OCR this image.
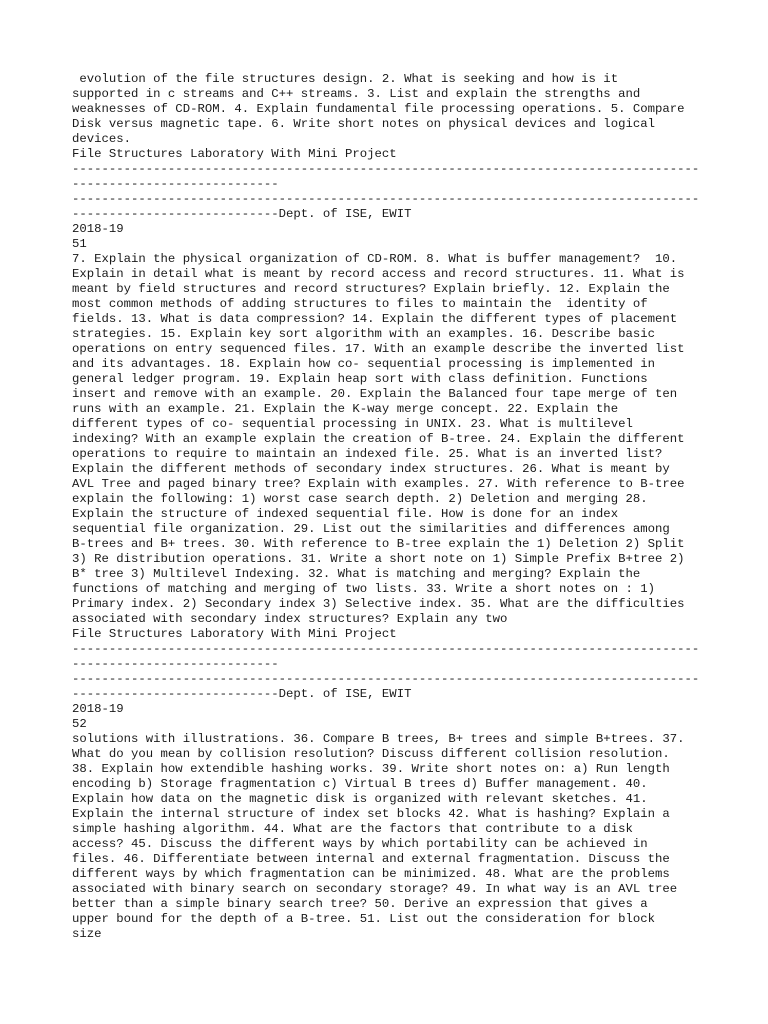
evolution of the file structures design. 2. What is seeking and how is it
supported in c streams and C++ streams. 3. List and explain the strengths and
weaknesses of CD-ROM. 4. Explain fundamental file processing operations. 5. Compare
Disk versus magnetic tape. 6. Write short notes on physical devices and logical
devices.
File Structures Laboratory With Mini Project
-------------------------------------------------------------------------------------
----------------------------
-------------------------------------------------------------------------------------
----------------------------Dept. of ISE, EWIT
2018-19
51
7. Explain the physical organization of CD-ROM. 8. What is buffer management?  10.
Explain in detail what is meant by record access and record structures. 11. What is
meant by field structures and record structures? Explain briefly. 12. Explain the
most common methods of adding structures to files to maintain the  identity of
fields. 13. What is data compression? 14. Explain the different types of placement
strategies. 15. Explain key sort algorithm with an examples. 16. Describe basic
operations on entry sequenced files. 17. With an example describe the inverted list
and its advantages. 18. Explain how co- sequential processing is implemented in
general ledger program. 19. Explain heap sort with class definition. Functions
insert and remove with an example. 20. Explain the Balanced four tape merge of ten
runs with an example. 21. Explain the K-way merge concept. 22. Explain the
different types of co- sequential processing in UNIX. 23. What is multilevel
indexing? With an example explain the creation of B-tree. 24. Explain the different
operations to require to maintain an indexed file. 25. What is an inverted list?
Explain the different methods of secondary index structures. 26. What is meant by
AVL Tree and paged binary tree? Explain with examples. 27. With reference to B-tree
explain the following: 1) worst case search depth. 2) Deletion and merging 28.
Explain the structure of indexed sequential file. How is done for an index
sequential file organization. 29. List out the similarities and differences among
B-trees and B+ trees. 30. With reference to B-tree explain the 1) Deletion 2) Split
3) Re distribution operations. 31. Write a short note on 1) Simple Prefix B+tree 2)
B* tree 3) Multilevel Indexing. 32. What is matching and merging? Explain the
functions of matching and merging of two lists. 33. Write a short notes on : 1)
Primary index. 2) Secondary index 3) Selective index. 35. What are the difficulties
associated with secondary index structures? Explain any two
File Structures Laboratory With Mini Project
-------------------------------------------------------------------------------------
----------------------------
-------------------------------------------------------------------------------------
----------------------------Dept. of ISE, EWIT
2018-19
52
solutions with illustrations. 36. Compare B trees, B+ trees and simple B+trees. 37.
What do you mean by collision resolution? Discuss different collision resolution.
38. Explain how extendible hashing works. 39. Write short notes on: a) Run length
encoding b) Storage fragmentation c) Virtual B trees d) Buffer management. 40.
Explain how data on the magnetic disk is organized with relevant sketches. 41.
Explain the internal structure of index set blocks 42. What is hashing? Explain a
simple hashing algorithm. 44. What are the factors that contribute to a disk
access? 45. Discuss the different ways by which portability can be achieved in
files. 46. Differentiate between internal and external fragmentation. Discuss the
different ways by which fragmentation can be minimized. 48. What are the problems
associated with binary search on secondary storage? 49. In what way is an AVL tree
better than a simple binary search tree? 50. Derive an expression that gives a
upper bound for the depth of a B-tree. 51. List out the consideration for block
size
